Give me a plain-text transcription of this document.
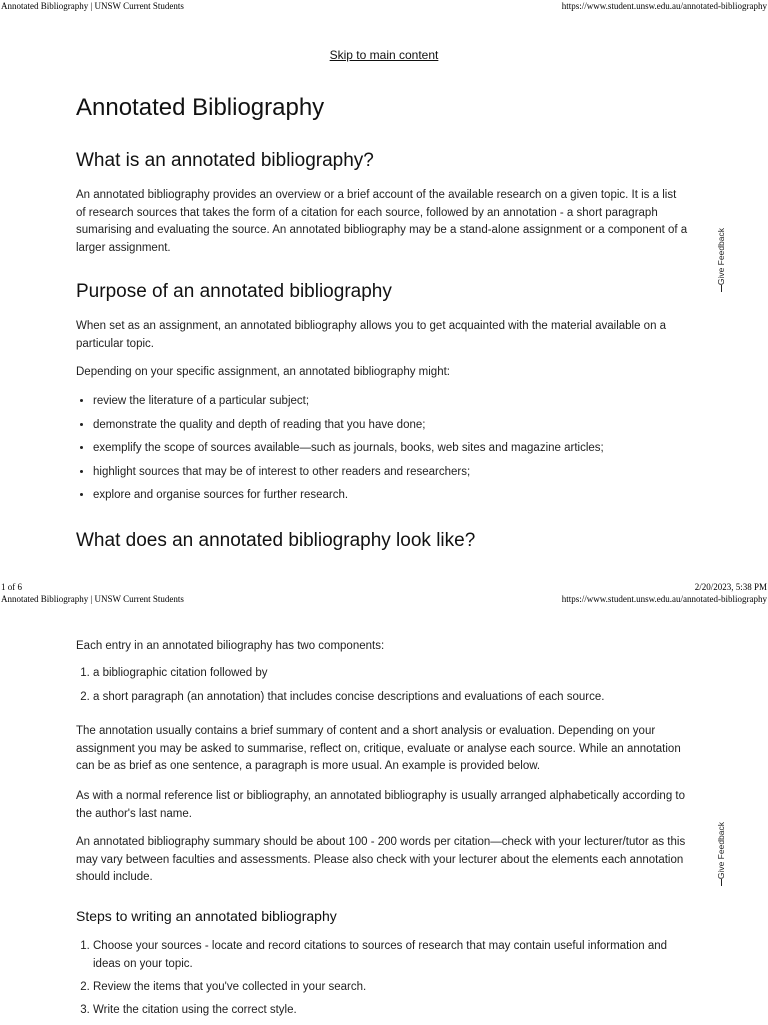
Annotated Bibliography | UNSW Current Students	https://www.student.unsw.edu.au/annotated-bibliography
Skip to main content
Annotated Bibliography
What is an annotated bibliography?

An annotated bibliography provides an overview or a brief account of the available research on a given topic. It is a list of research sources that takes the form of a citation for each source, followed by an annotation - a short paragraph sumarising and evaluating the source. An annotated bibliography may be a stand-alone assignment or a component of a larger assignment.	Give Feedback
Purpose of an annotated bibliography

When set as an assignment, an annotated bibliography allows you to get acquainted with the material available on a particular topic.

Depending on your specific assignment, an annotated bibliography might:

• review the literature of a particular subject;
• demonstrate the quality and depth of reading that you have done;
• exemplify the scope of sources available—such as journals, books, web sites and magazine articles;
• highlight sources that may be of interest to other readers and researchers;
• explore and organise sources for further research.
What does an annotated bibliography look like?
1 of 6	2/20/2023, 5:38 PM
Annotated Bibliography | UNSW Current Students	https://www.student.unsw.edu.au/annotated-bibliography

Each entry in an annotated biliography has two components:

1. a bibliographic citation followed by
2. a short paragraph (an annotation) that includes concise descriptions and evaluations of each source.

The annotation usually contains a brief summary of content and a short analysis or evaluation. Depending on your assignment you may be asked to summarise, reflect on, critique, evaluate or analyse each source. While an annotation can be as brief as one sentence, a paragraph is more usual. An example is provided below.

As with a normal reference list or bibliography, an annotated bibliography is usually arranged alphabetically according to the author's last name.

An annotated bibliography summary should be about 100 - 200 words per citation—check with your lecturer/tutor as this may vary between faculties and assessments. Please also check with your lecturer about the elements each annotation should include.	Give Feedback
Steps to writing an annotated bibliography
1. Choose your sources - locate and record citations to sources of research that may contain useful information and ideas on your topic.
2. Review the items that you've collected in your search.
3. Write the citation using the correct style.
